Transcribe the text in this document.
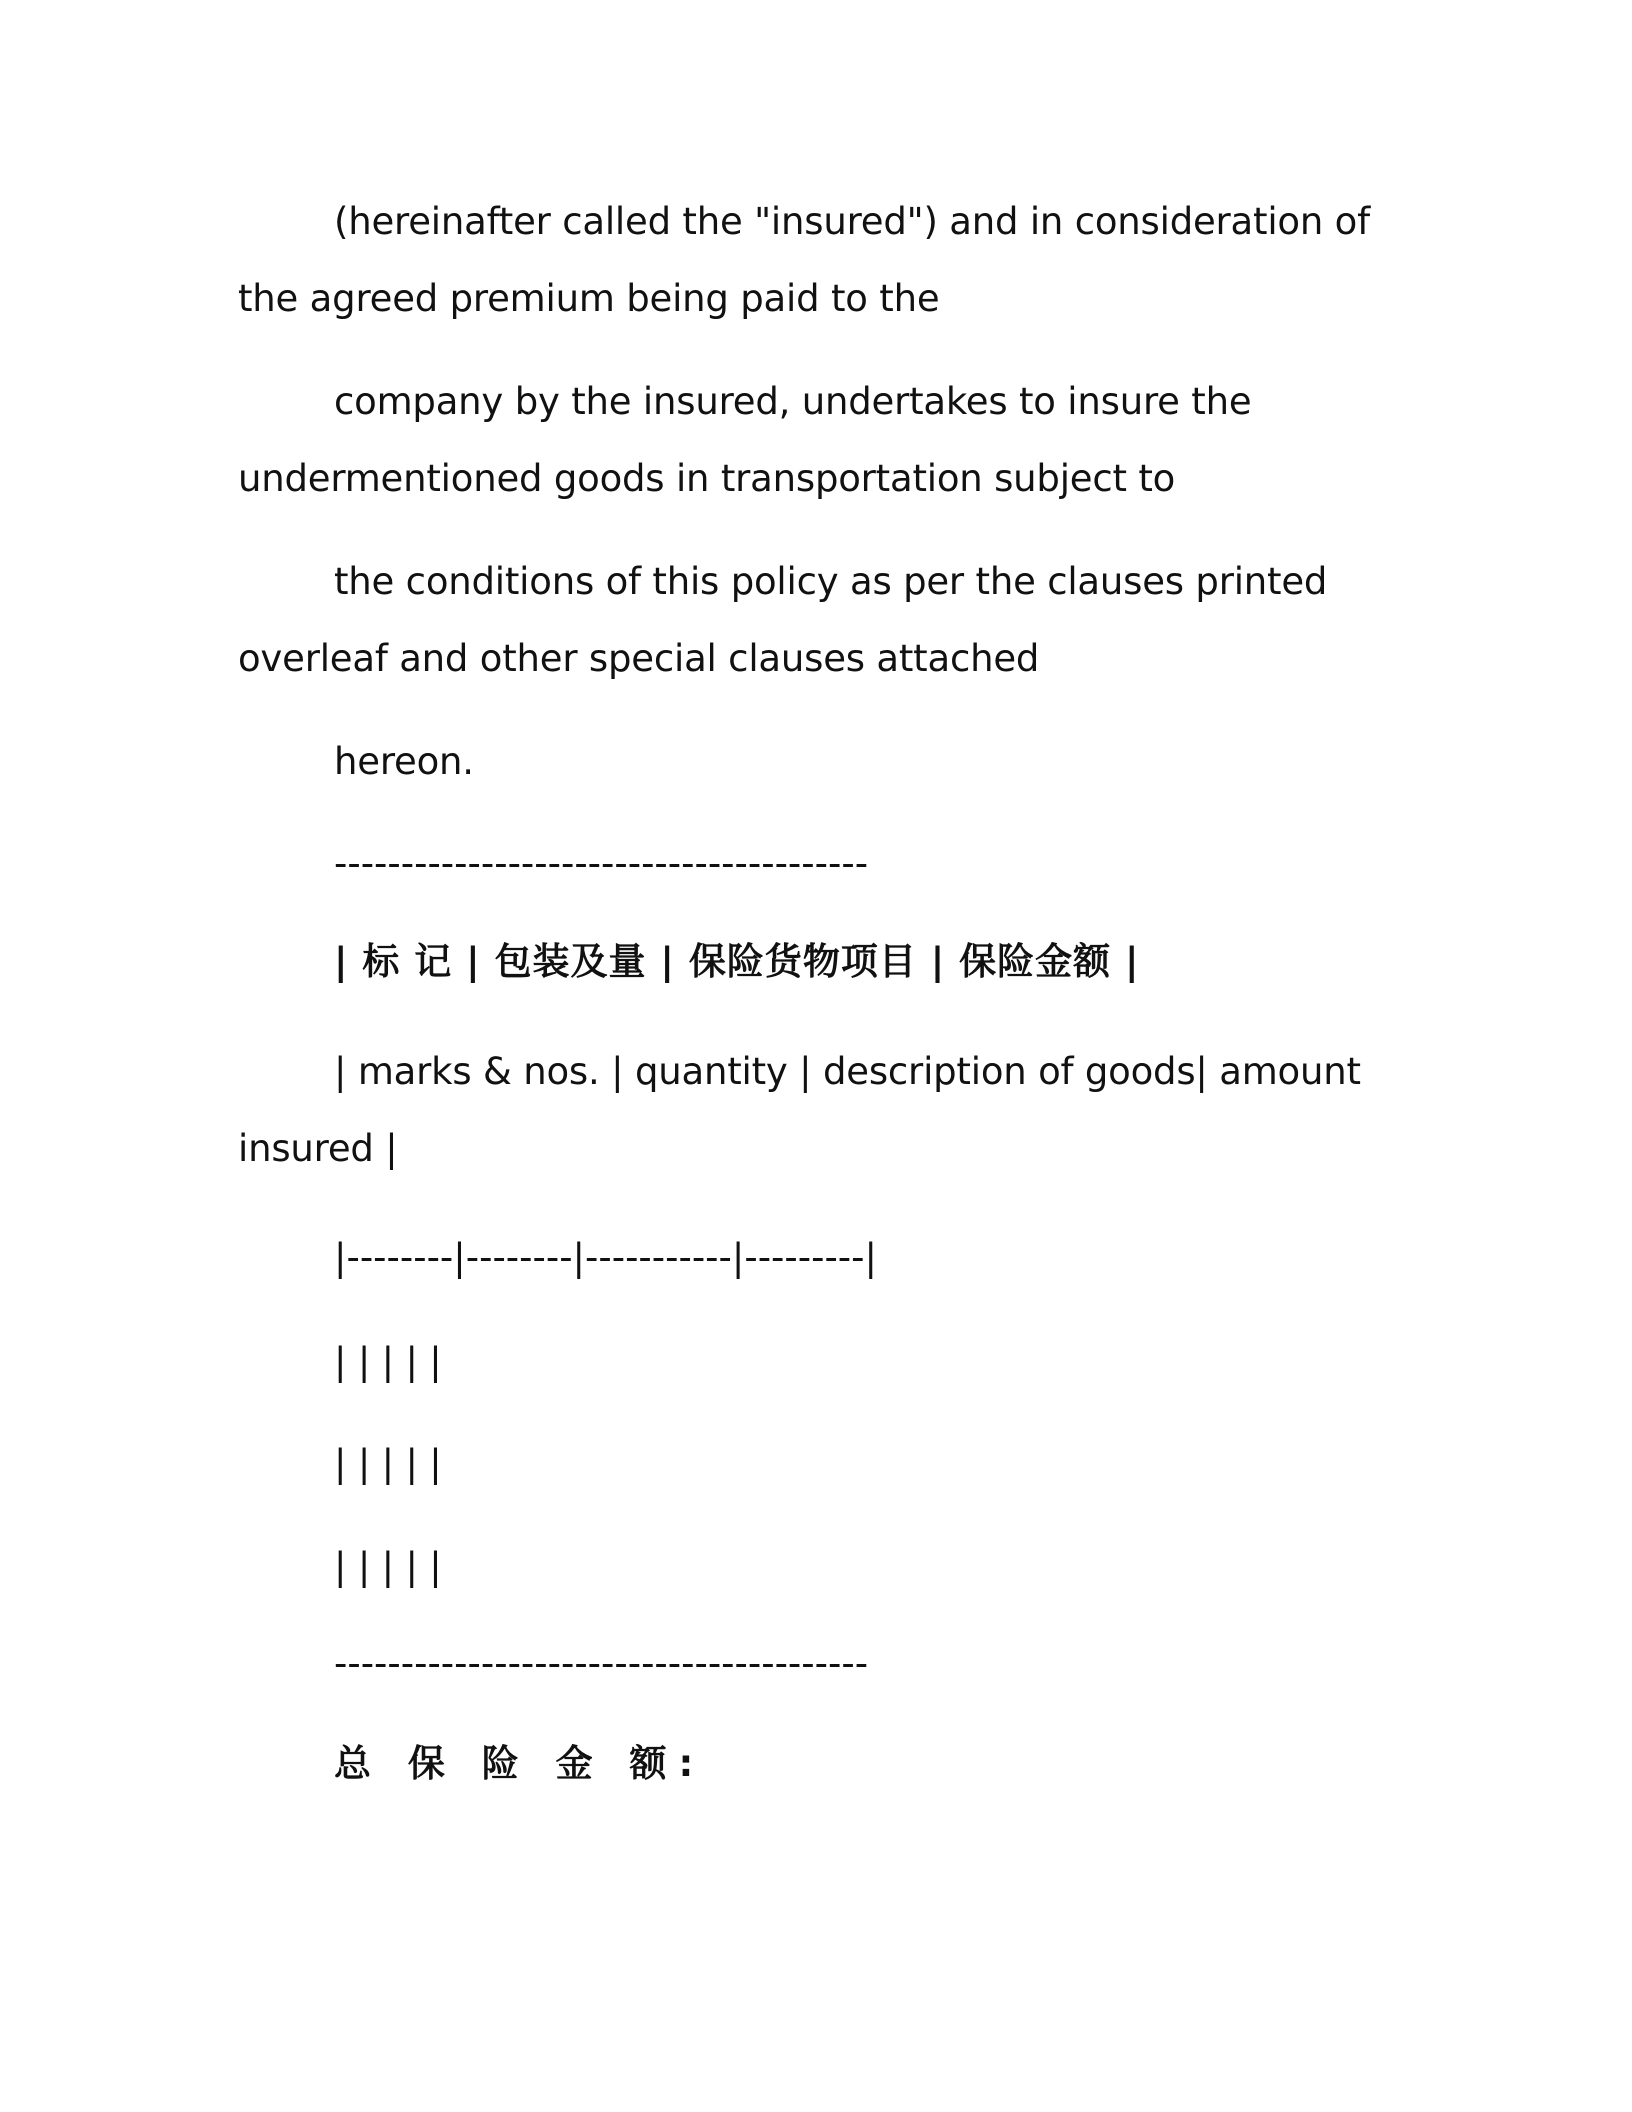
(hereinafter called the "insured") and in consideration of the agreed premium being paid to the
company by the insured, undertakes to insure the undermentioned goods in transportation subject to
the conditions of this policy as per the clauses printed overleaf and other special clauses attached
hereon.
----------------------------------------
| 标 记 | 包装及量 | 保险货物项目 | 保险金额 |
| marks & nos. | quantity | description of goods| amount insured |
|--------|--------|-----------|---------|
| | | | |
| | | | |
| | | | |
----------------------------------------
总 保 险 金 额:
